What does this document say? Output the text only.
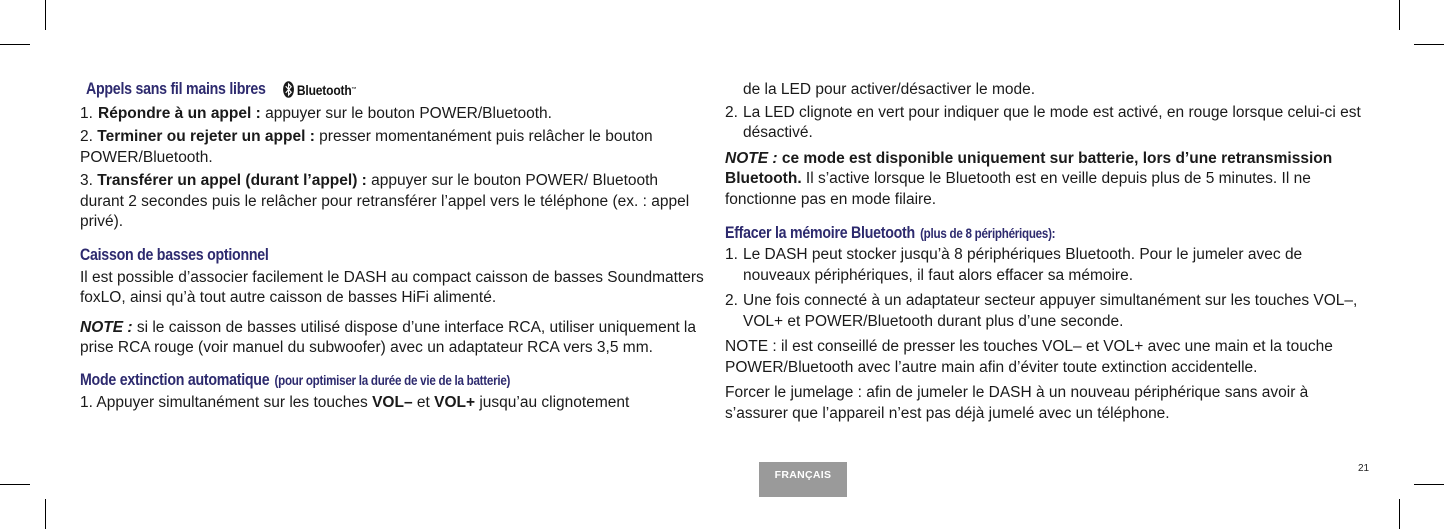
Appels sans fil mains libres Bluetooth™
1. Répondre à un appel : appuyer sur le bouton POWER/Bluetooth.
2. Terminer ou rejeter un appel : presser momentanément puis relâcher le bouton POWER/Bluetooth.
3. Transférer un appel (durant l’appel) : appuyer sur le bouton POWER/ Bluetooth durant 2 secondes puis le relâcher pour retransférer l’appel vers le téléphone (ex. : appel privé).
Caisson de basses optionnel

Il est possible d’associer facilement le DASH au compact caisson de basses Soundmatters foxLO, ainsi qu’à tout autre caisson de basses HiFi alimenté.

NOTE : si le caisson de basses utilisé dispose d’une interface RCA, utiliser uniquement la prise RCA rouge (voir manuel du subwoofer) avec un adaptateur RCA vers 3,5 mm.

Mode extinction automatique (pour optimiser la durée de vie de la batterie)

1. Appuyer simultanément sur les touches VOL– et VOL+ jusqu’au clignotement

de la LED pour activer/désactiver le mode.

2. La LED clignote en vert pour indiquer que le mode est activé, en rouge lorsque celui-ci est désactivé.

NOTE : ce mode est disponible uniquement sur batterie, lors d’une retransmission Bluetooth. Il s’active lorsque le Bluetooth est en veille depuis plus de 5 minutes. Il ne fonctionne pas en mode filaire.

Effacer la mémoire Bluetooth (plus de 8 périphériques):
1. Le DASH peut stocker jusqu’à 8 périphériques Bluetooth. Pour le jumeler avec de nouveaux périphériques, il faut alors effacer sa mémoire.
2. Une fois connecté à un adaptateur secteur appuyer simultanément sur les touches VOL–, VOL+ et POWER/Bluetooth durant plus d’une seconde.

NOTE : il est conseillé de presser les touches VOL– et VOL+ avec une main et la touche POWER/Bluetooth avec l’autre main afin d’éviter toute extinction accidentelle.

Forcer le jumelage : afin de jumeler le DASH à un nouveau périphérique sans avoir à s’assurer que l’appareil n’est pas déjà jumelé avec un téléphone.

FRANÇAIS
21
